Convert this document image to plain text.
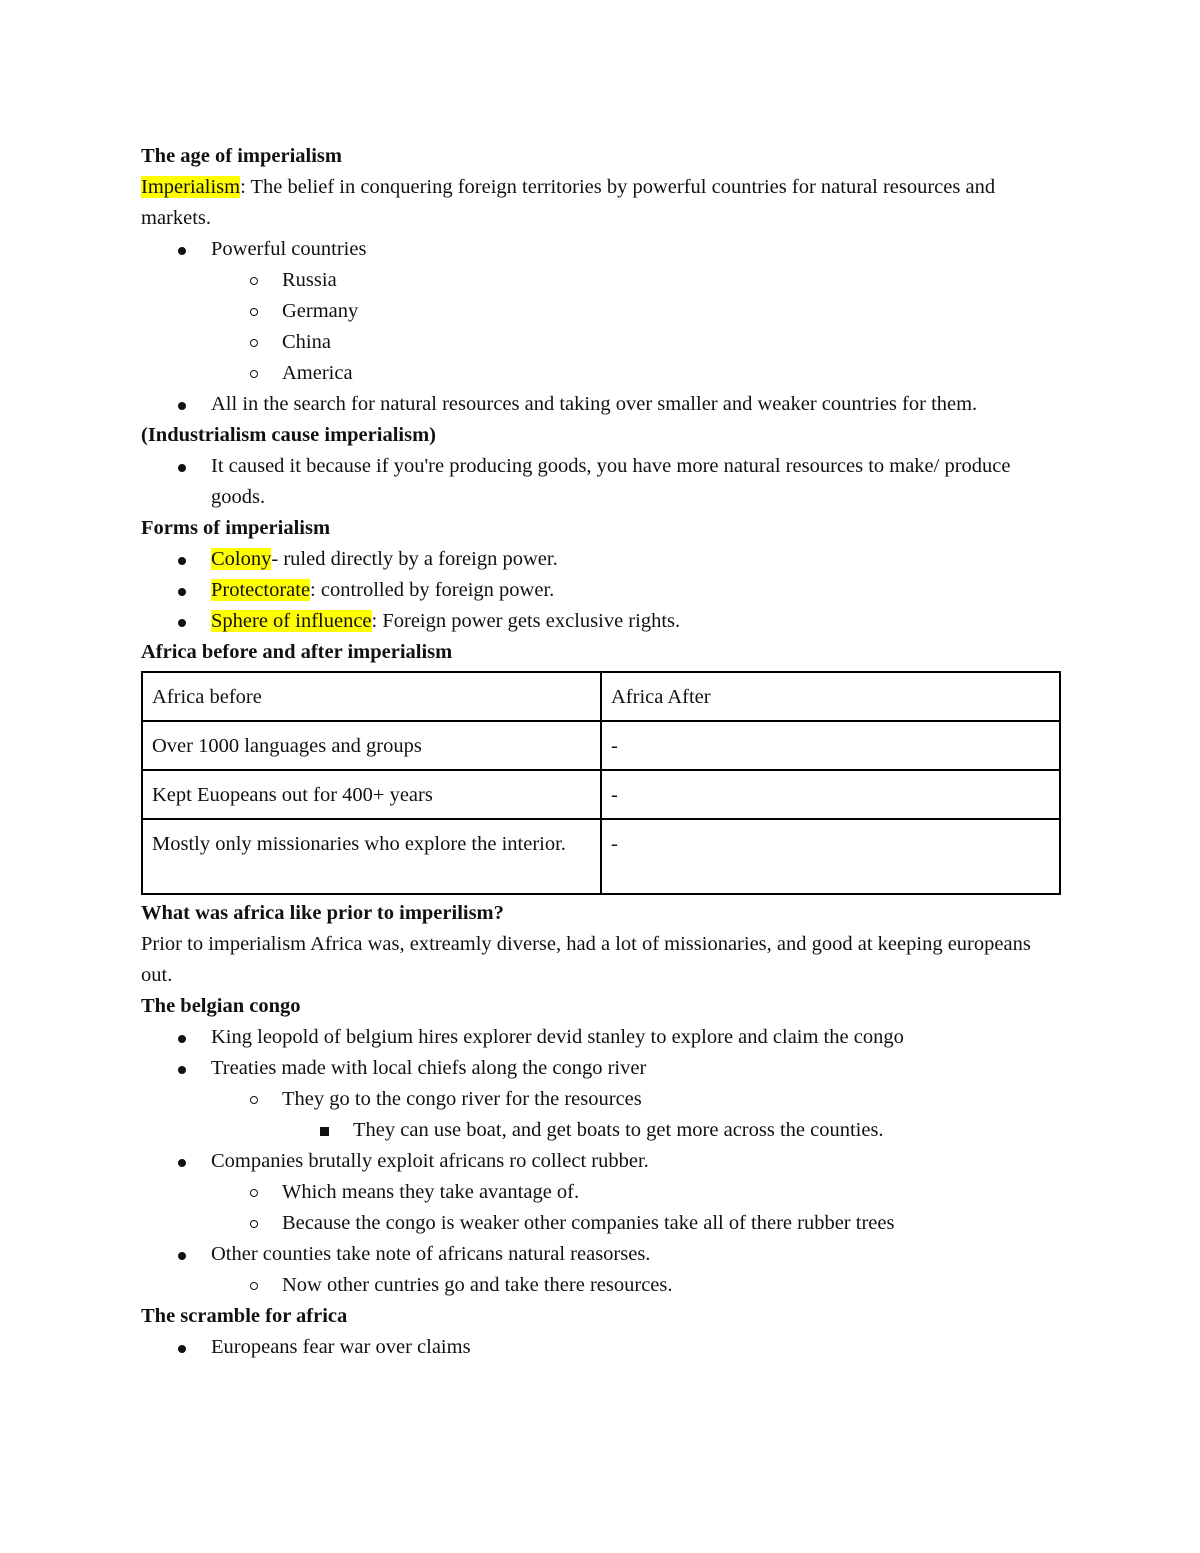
The age of imperialism

Imperialism: The belief in conquering foreign territories by powerful countries for natural resources and markets.

Powerful countries
Russia
Germany
China
America
All in the search for natural resources and taking over smaller and weaker countries for them.

(Industrialism cause imperialism)

It caused it because if you're producing goods, you have more natural resources to make/ produce goods.

Forms of imperialism

Colony- ruled directly by a foreign power.
Protectorate: controlled by foreign power.
Sphere of influence: Foreign power gets exclusive rights.

Africa before and after imperialism

Africa before	Africa After
Over 1000 languages and groups	-
Kept Euopeans out for 400+ years	-
Mostly only missionaries who explore the interior.	-

What was africa like prior to imperilism?

Prior to imperialism Africa was, extreamly diverse, had a lot of missionaries, and good at keeping europeans out.

The belgian congo

King leopold of belgium hires explorer devid stanley to explore and claim the congo
Treaties made with local chiefs along the congo river
They go to the congo river for the resources
They can use boat, and get boats to get more across the counties.
Companies brutally exploit africans ro collect rubber.
Which means they take avantage of.
Because the congo is weaker other companies take all of there rubber trees
Other counties take note of africans natural reasorses.
Now other cuntries go and take there resources.

The scramble for africa

Europeans fear war over claims
